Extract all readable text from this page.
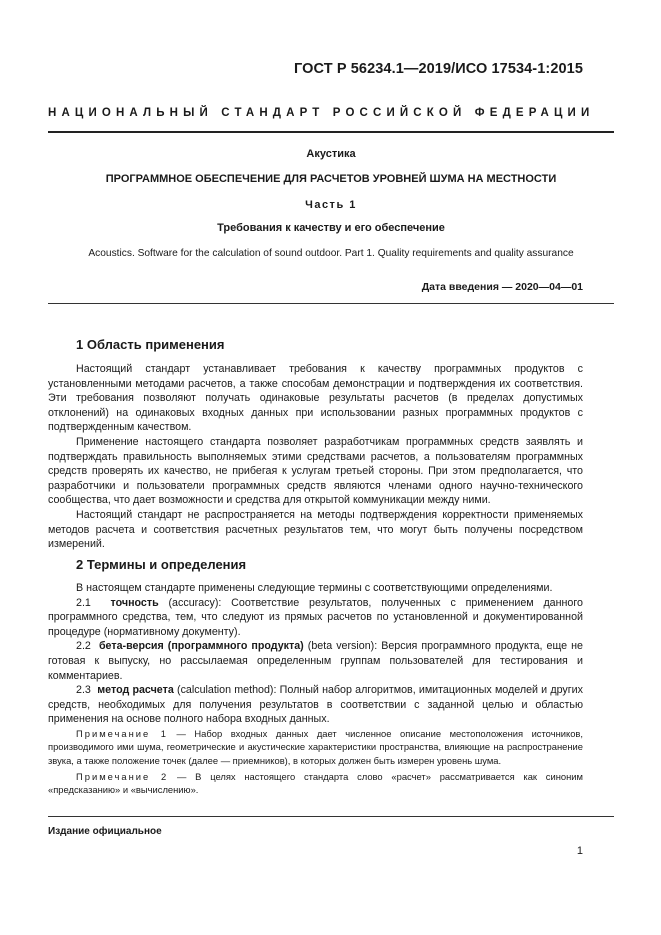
ГОСТ Р 56234.1—2019/ИСО 17534-1:2015
НАЦИОНАЛЬНЫЙ СТАНДАРТ РОССИЙСКОЙ ФЕДЕРАЦИИ
Акустика
ПРОГРАММНОЕ ОБЕСПЕЧЕНИЕ ДЛЯ РАСЧЕТОВ УРОВНЕЙ ШУМА НА МЕСТНОСТИ
Часть 1
Требования к качеству и его обеспечение
Acoustics. Software for the calculation of sound outdoor. Part 1. Quality requirements and quality assurance
Дата введения — 2020—04—01
1 Область применения

Настоящий стандарт устанавливает требования к качеству программных продуктов с установленными методами расчетов, а также способам демонстрации и подтверждения их соответствия. Эти требования позволяют получать одинаковые результаты расчетов (в пределах допустимых отклонений) на одинаковых входных данных при использовании разных программных продуктов с подтвержденным качеством.

Применение настоящего стандарта позволяет разработчикам программных средств заявлять и подтверждать правильность выполняемых этими средствами расчетов, а пользователям программных средств проверять их качество, не прибегая к услугам третьей стороны. При этом предполагается, что разработчики и пользователи программных средств являются членами одного научно-технического сообщества, что дает возможности и средства для открытой коммуникации между ними.

Настоящий стандарт не распространяется на методы подтверждения корректности применяемых методов расчета и соответствия расчетных результатов тем, что могут быть получены посредством измерений.

2 Термины и определения

В настоящем стандарте применены следующие термины с соответствующими определениями.

2.1 точность (accuracy): Соответствие результатов, полученных с применением данного программного средства, тем, что следуют из прямых расчетов по установленной и документированной процедуре (нормативному документу).

2.2 бета-версия (программного продукта) (beta version): Версия программного продукта, еще не готовая к выпуску, но рассылаемая определенным группам пользователей для тестирования и комментариев.

2.3 метод расчета (calculation method): Полный набор алгоритмов, имитационных моделей и других средств, необходимых для получения результатов в соответствии с заданной целью и областью применения на основе полного набора входных данных.

Примечание 1 — Набор входных данных дает численное описание местоположения источников, производимого ими шума, геометрические и акустические характеристики пространства, влияющие на распространение звука, а также положение точек (далее — приемников), в которых должен быть измерен уровень шума.

Примечание 2 — В целях настоящего стандарта слово «расчет» рассматривается как синоним «предсказанию» и «вычислению».

Издание официальное
1
